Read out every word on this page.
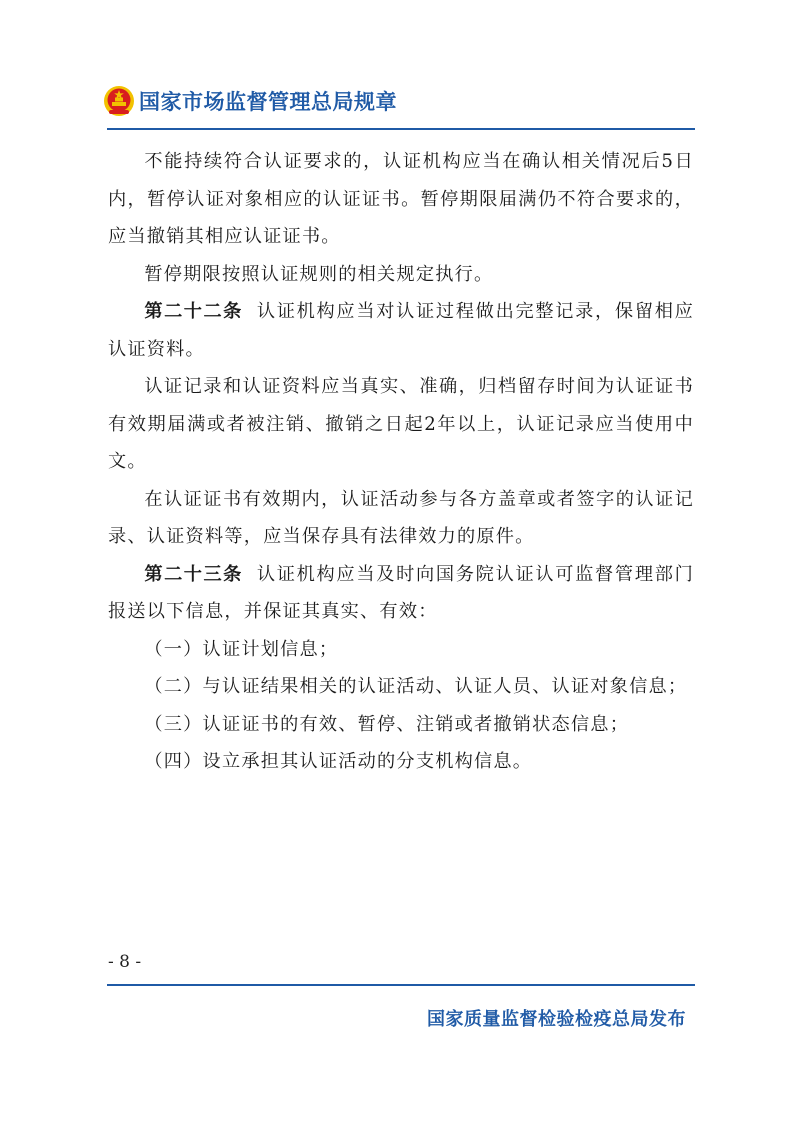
国家市场监督管理总局规章

不能持续符合认证要求的，认证机构应当在确认相关情况后5日内，暂停认证对象相应的认证证书。暂停期限届满仍不符合要求的，应当撤销其相应认证证书。

暂停期限按照认证规则的相关规定执行。

第二十二条 认证机构应当对认证过程做出完整记录，保留相应认证资料。

认证记录和认证资料应当真实、准确，归档留存时间为认证证书有效期届满或者被注销、撤销之日起2年以上，认证记录应当使用中文。

在认证证书有效期内，认证活动参与各方盖章或者签字的认证记录、认证资料等，应当保存具有法律效力的原件。

第二十三条 认证机构应当及时向国务院认证认可监督管理部门报送以下信息，并保证其真实、有效：

（一）认证计划信息；

（二）与认证结果相关的认证活动、认证人员、认证对象信息；

（三）认证证书的有效、暂停、注销或者撤销状态信息；

（四）设立承担其认证活动的分支机构信息。

- 8 -
国家质量监督检验检疫总局发布
